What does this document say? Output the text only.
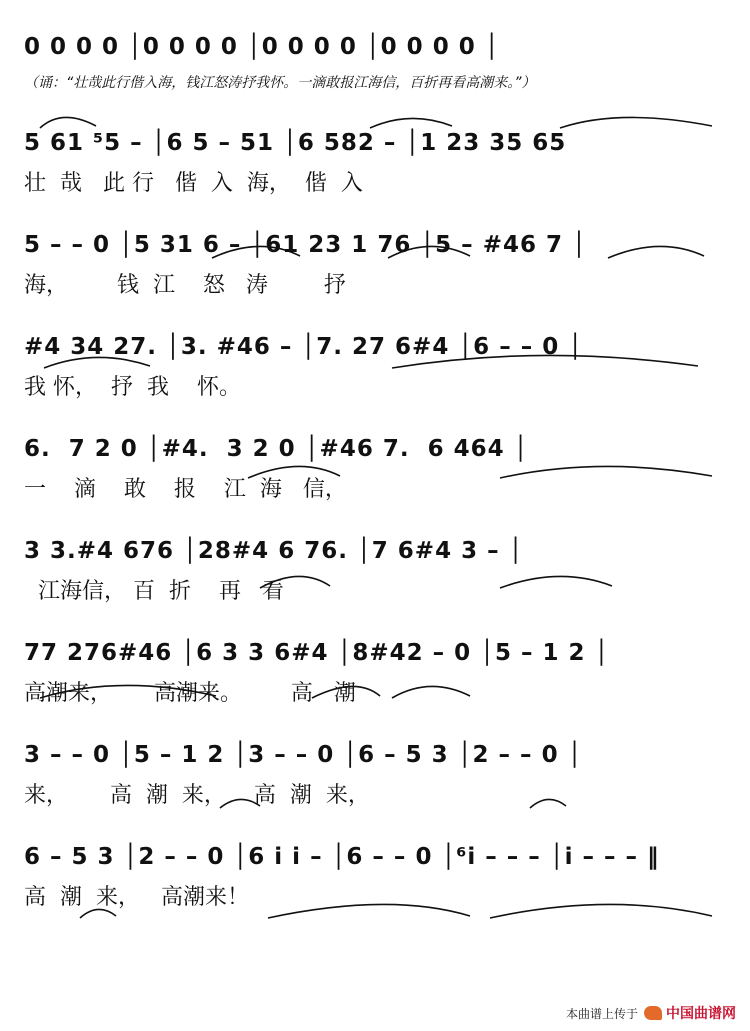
0 0 0 0 │0 0 0 0 │0 0 0 0 │0 0 0 0 │
（诵：“壮哉此行偕入海，钱江怒涛抒我怀。一滴敢报江海信，百折再看高潮来。”）
5 61 ⁵5 – │6 5 – 51 │6 582 – │1 23 35 65
壮  哉   此 行   偕  入  海，  偕  入
5 – – 0 │5 31 6 – │61 23 1 76 │5 – #46 7 │
海，       钱  江    怒   涛        抒
#4 34 27. │3. #46 – │7. 27 6#4 │6 – – 0 │
我 怀，  抒  我    怀。
6.  7 2 0 │#4.  3 2 0 │#46 7.  6 464 │
一    滴    敢    报    江  海   信，
3 3.#4 676 │28#4 6 76. │7 6#4 3 – │
江海信， 百  折    再   看
77 276#46 │6 3 3 6#4 │8#42 – 0 │5 – 1 2 │
高潮来，      高潮来。       高   潮
3 – – 0 │5 – 1 2 │3 – – 0 │6 – 5 3 │2 – – 0 │
来，      高  潮  来，    高  潮  来，
6 – 5 3 │2 – – 0 │6 i i – │6 – – 0 │⁶i – – – │i – – – ‖
高  潮  来，   高潮来！
本曲谱上传于 中国曲谱网
